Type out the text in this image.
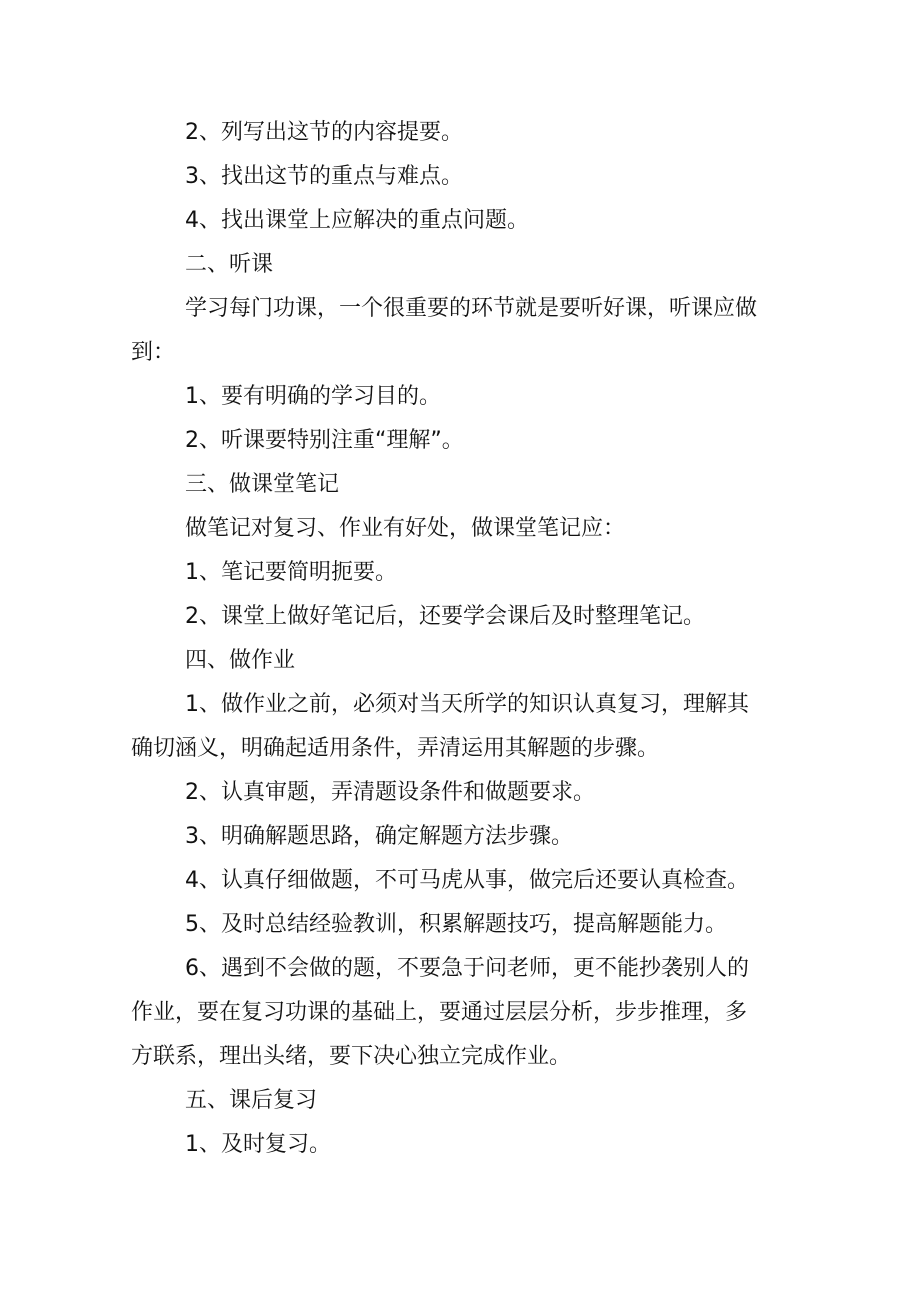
2、列写出这节的内容提要。
3、找出这节的重点与难点。
4、找出课堂上应解决的重点问题。
二、听课
学习每门功课，一个很重要的环节就是要听好课，听课应做
到：
1、要有明确的学习目的。
2、听课要特别注重“理解”。
三、做课堂笔记
做笔记对复习、作业有好处，做课堂笔记应：
1、笔记要简明扼要。
2、课堂上做好笔记后，还要学会课后及时整理笔记。
四、做作业
1、做作业之前，必须对当天所学的知识认真复习，理解其
确切涵义，明确起适用条件，弄清运用其解题的步骤。
2、认真审题，弄清题设条件和做题要求。
3、明确解题思路，确定解题方法步骤。
4、认真仔细做题，不可马虎从事，做完后还要认真检查。
5、及时总结经验教训，积累解题技巧，提高解题能力。
6、遇到不会做的题，不要急于问老师，更不能抄袭别人的
作业，要在复习功课的基础上，要通过层层分析，步步推理，多
方联系，理出头绪，要下决心独立完成作业。
五、课后复习
1、及时复习。
